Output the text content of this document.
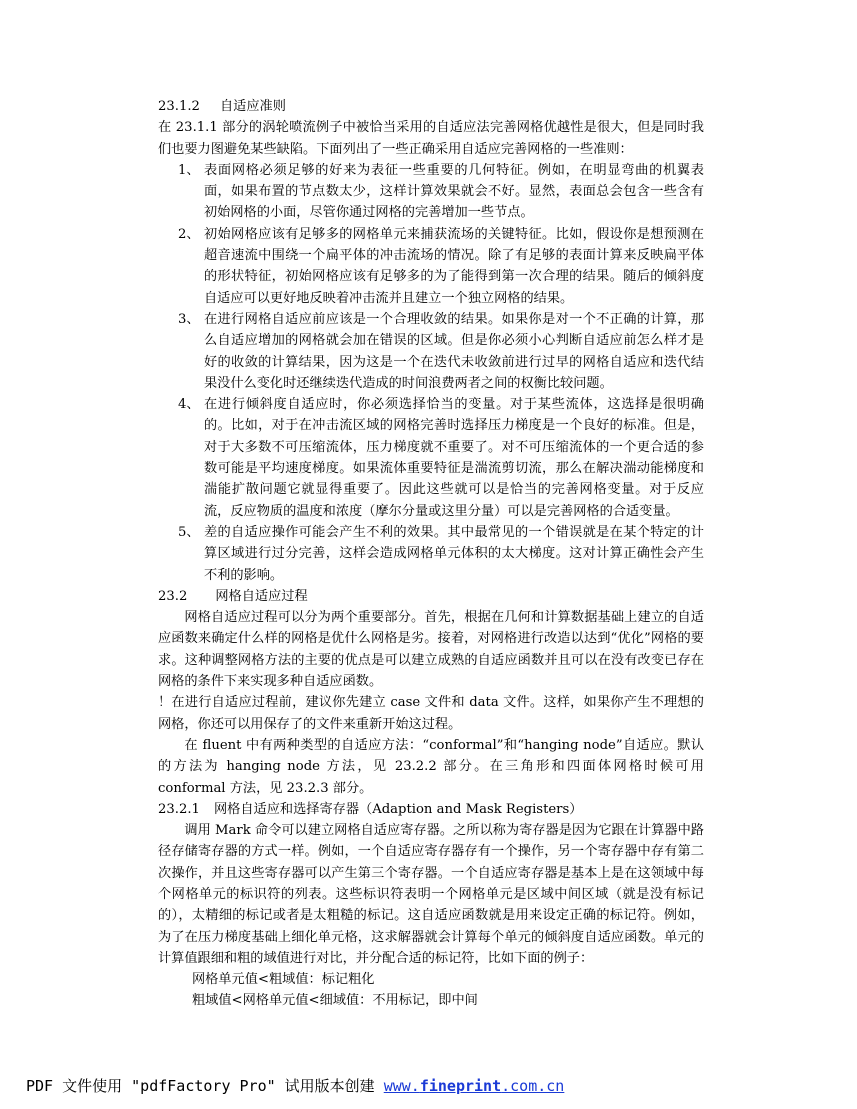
23.1.2 自适应准则

在 23.1.1 部分的涡轮喷流例子中被恰当采用的自适应法完善网格优越性是很大，但是同时我们也要力图避免某些缺陷。下面列出了一些正确采用自适应完善网格的一些准则：

1、 表面网格必须足够的好来为表征一些重要的几何特征。例如，在明显弯曲的机翼表面，如果布置的节点数太少，这样计算效果就会不好。显然，表面总会包含一些含有初始网格的小面，尽管你通过网格的完善增加一些节点。
2、 初始网格应该有足够多的网格单元来捕获流场的关键特征。比如，假设你是想预测在超音速流中围绕一个扁平体的冲击流场的情况。除了有足够的表面计算来反映扁平体的形状特征，初始网格应该有足够多的为了能得到第一次合理的结果。随后的倾斜度自适应可以更好地反映着冲击流并且建立一个独立网格的结果。
3、 在进行网格自适应前应该是一个合理收敛的结果。如果你是对一个不正确的计算，那么自适应增加的网格就会加在错误的区域。但是你必须小心判断自适应前怎么样才是好的收敛的计算结果，因为这是一个在迭代未收敛前进行过早的网格自适应和迭代结果没什么变化时还继续迭代造成的时间浪费两者之间的权衡比较问题。
4、 在进行倾斜度自适应时，你必须选择恰当的变量。对于某些流体，这选择是很明确的。比如，对于在冲击流区域的网格完善时选择压力梯度是一个良好的标准。但是，对于大多数不可压缩流体，压力梯度就不重要了。对不可压缩流体的一个更合适的参数可能是平均速度梯度。如果流体重要特征是湍流剪切流，那么在解决湍动能梯度和湍能扩散问题它就显得重要了。因此这些就可以是恰当的完善网格变量。对于反应流，反应物质的温度和浓度（摩尔分量或这里分量）可以是完善网格的合适变量。
5、 差的自适应操作可能会产生不利的效果。其中最常见的一个错误就是在某个特定的计算区域进行过分完善，这样会造成网格单元体积的太大梯度。这对计算正确性会产生不利的影响。
23.2 网格自适应过程

网格自适应过程可以分为两个重要部分。首先，根据在几何和计算数据基础上建立的自适应函数来确定什么样的网格是优什么网格是劣。接着，对网格进行改造以达到“优化”网格的要求。这种调整网格方法的主要的优点是可以建立成熟的自适应函数并且可以在没有改变已存在网格的条件下来实现多种自适应函数。

！在进行自适应过程前，建议你先建立 case 文件和 data 文件。这样，如果你产生不理想的网格，你还可以用保存了的文件来重新开始这过程。

在 fluent 中有两种类型的自适应方法：“conformal”和“hanging node”自适应。默认的方法为 hanging node 方法，见 23.2.2 部分。在三角形和四面体网格时候可用 conformal 方法，见 23.2.3 部分。

23.2.1 网格自适应和选择寄存器（Adaption and Mask Registers）

调用 Mark 命令可以建立网格自适应寄存器。之所以称为寄存器是因为它跟在计算器中路径存储寄存器的方式一样。例如，一个自适应寄存器存有一个操作，另一个寄存器中存有第二次操作，并且这些寄存器可以产生第三个寄存器。一个自适应寄存器是基本上是在这领域中每个网格单元的标识符的列表。这些标识符表明一个网格单元是区域中间区域（就是没有标记的），太精细的标记或者是太粗糙的标记。这自适应函数就是用来设定正确的标记符。例如，为了在压力梯度基础上细化单元格，这求解器就会计算每个单元的倾斜度自适应函数。单元的计算值跟细和粗的域值进行对比，并分配合适的标记符，比如下面的例子：

网格单元值<粗域值：标记粗化

粗域值<网格单元值<细域值：不用标记，即中间

PDF 文件使用 "pdfFactory Pro" 试用版本创建 www.fineprint.com.cn
